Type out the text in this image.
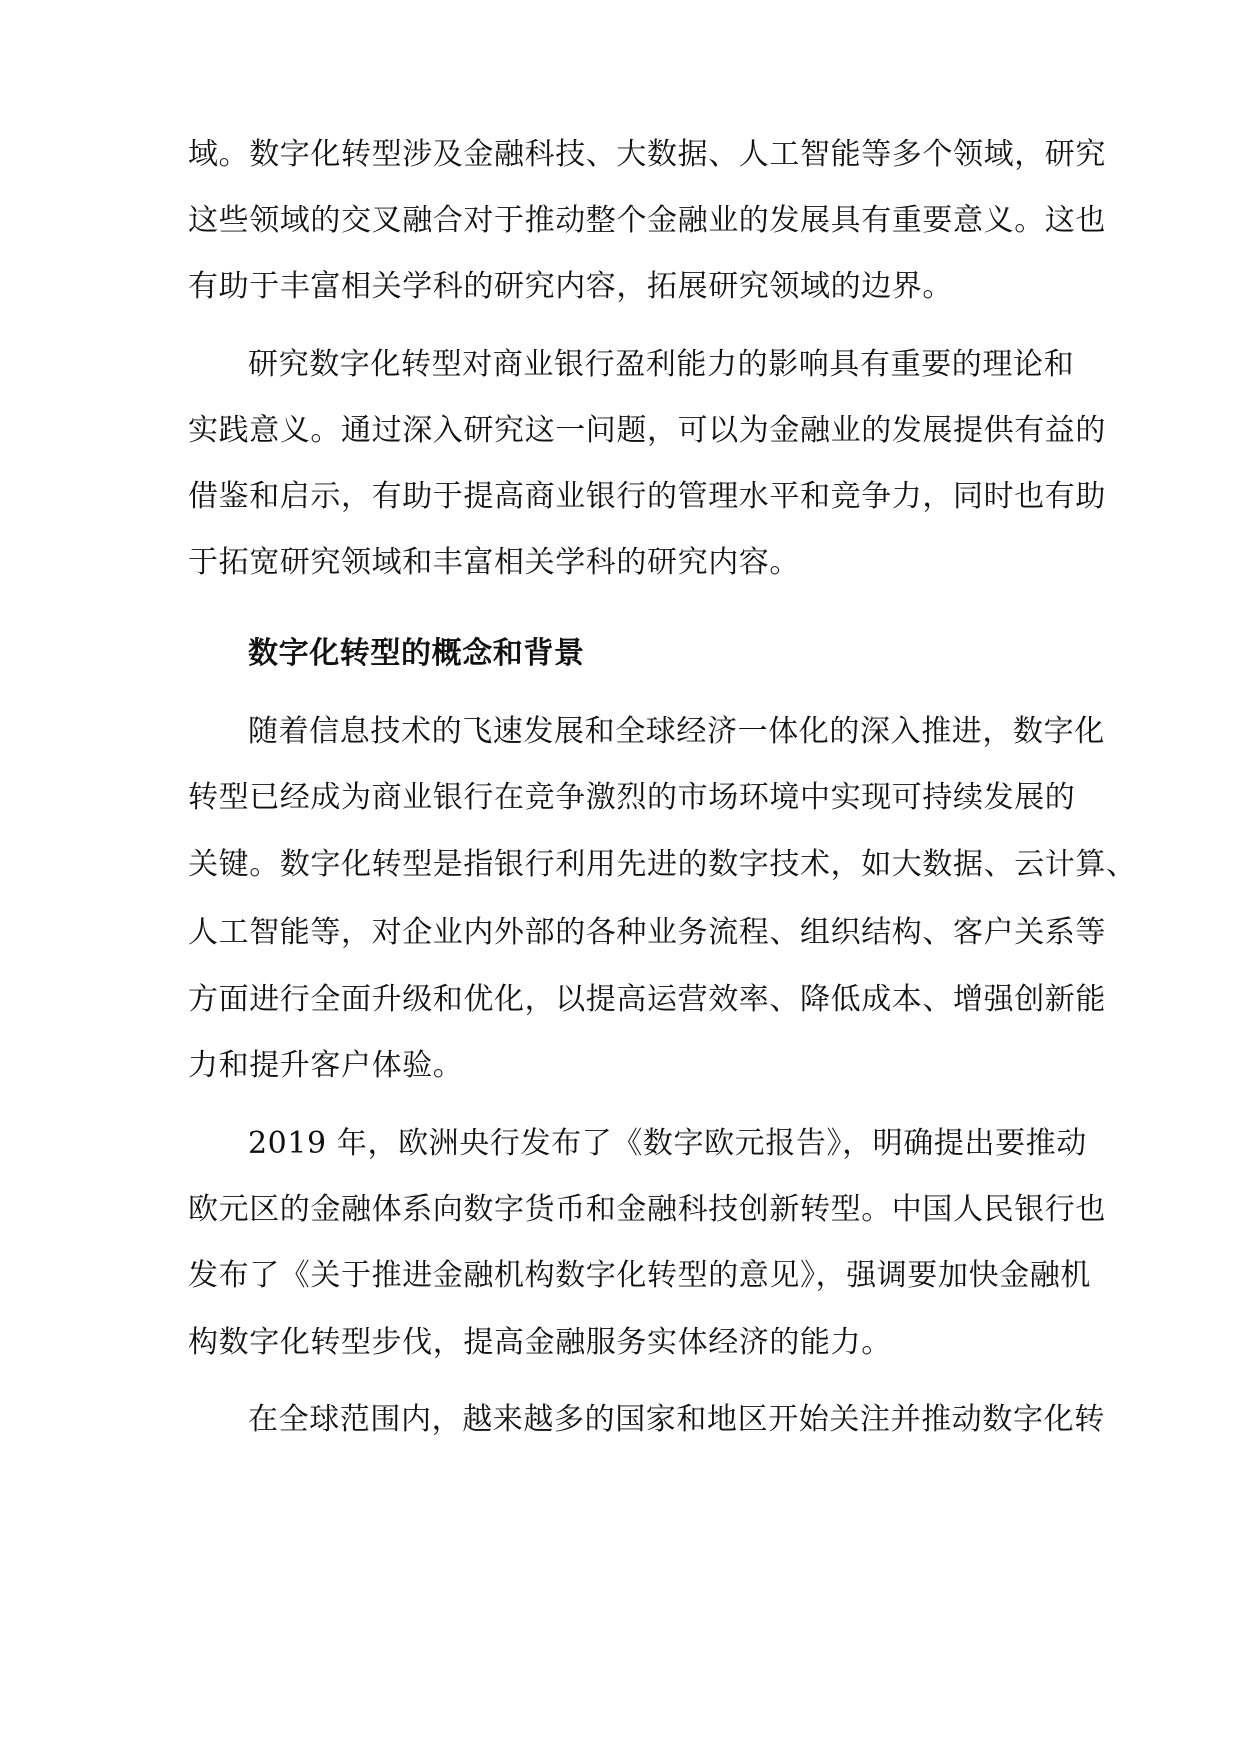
域。数字化转型涉及金融科技、大数据、人工智能等多个领域，研究
这些领域的交叉融合对于推动整个金融业的发展具有重要意义。这也
有助于丰富相关学科的研究内容，拓展研究领域的边界。
研究数字化转型对商业银行盈利能力的影响具有重要的理论和
实践意义。通过深入研究这一问题，可以为金融业的发展提供有益的
借鉴和启示，有助于提高商业银行的管理水平和竞争力，同时也有助
于拓宽研究领域和丰富相关学科的研究内容。
数字化转型的概念和背景
随着信息技术的飞速发展和全球经济一体化的深入推进，数字化
转型已经成为商业银行在竞争激烈的市场环境中实现可持续发展的
关键。数字化转型是指银行利用先进的数字技术，如大数据、云计算、
人工智能等，对企业内外部的各种业务流程、组织结构、客户关系等
方面进行全面升级和优化，以提高运营效率、降低成本、增强创新能
力和提升客户体验。
2019 年，欧洲央行发布了《数字欧元报告》，明确提出要推动
欧元区的金融体系向数字货币和金融科技创新转型。中国人民银行也
发布了《关于推进金融机构数字化转型的意见》，强调要加快金融机
构数字化转型步伐，提高金融服务实体经济的能力。
在全球范围内，越来越多的国家和地区开始关注并推动数字化转
